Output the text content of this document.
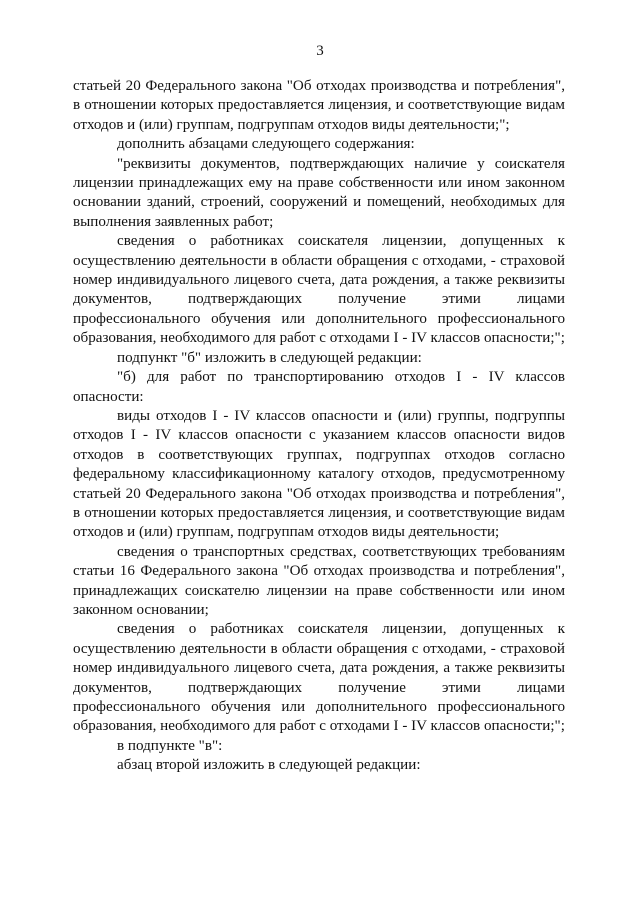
3

статьей 20 Федерального закона "Об отходах производства и потребления", в отношении которых предоставляется лицензия, и соответствующие видам отходов и (или) группам, подгруппам отходов виды деятельности;";

дополнить абзацами следующего содержания:

"реквизиты документов, подтверждающих наличие у соискателя лицензии принадлежащих ему на праве собственности или ином законном основании зданий, строений, сооружений и помещений, необходимых для выполнения заявленных работ;

сведения о работниках соискателя лицензии, допущенных к осуществлению деятельности в области обращения с отходами, - страховой номер индивидуального лицевого счета, дата рождения, а также реквизиты документов, подтверждающих получение этими лицами профессионального обучения или дополнительного профессионального образования, необходимого для работ с отходами I - IV классов опасности;";

подпункт "б" изложить в следующей редакции:

"б) для работ по транспортированию отходов I - IV классов опасности:

виды отходов I - IV классов опасности и (или) группы, подгруппы отходов I - IV классов опасности с указанием классов опасности видов отходов в соответствующих группах, подгруппах отходов согласно федеральному классификационному каталогу отходов, предусмотренному статьей 20 Федерального закона "Об отходах производства и потребления", в отношении которых предоставляется лицензия, и соответствующие видам отходов и (или) группам, подгруппам отходов виды деятельности;

сведения о транспортных средствах, соответствующих требованиям статьи 16 Федерального закона "Об отходах производства и потребления", принадлежащих соискателю лицензии на праве собственности или ином законном основании;

сведения о работниках соискателя лицензии, допущенных к осуществлению деятельности в области обращения с отходами, - страховой номер индивидуального лицевого счета, дата рождения, а также реквизиты документов, подтверждающих получение этими лицами профессионального обучения или дополнительного профессионального образования, необходимого для работ с отходами I - IV классов опасности;";

в подпункте "в":

абзац второй изложить в следующей редакции:
